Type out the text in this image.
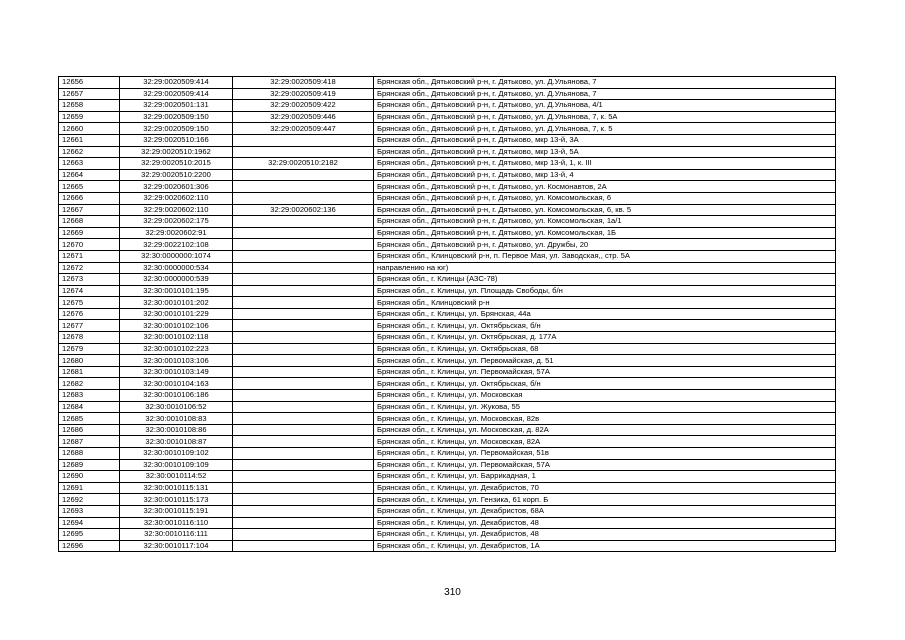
12656	32:29:0020509:414	32:29:0020509:418	Брянская обл., Дятьковский р-н, г. Дятьково, ул. Д.Ульянова, 7
12657	32:29:0020509:414	32:29:0020509:419	Брянская обл., Дятьковский р-н, г. Дятьково, ул. Д.Ульянова, 7
12658	32:29:0020501:131	32:29:0020509:422	Брянская обл., Дятьковский р-н, г. Дятьково, ул. Д.Ульянова, 4/1
12659	32:29:0020509:150	32:29:0020509:446	Брянская обл., Дятьковский р-н, г. Дятьково, ул. Д.Ульянова, 7, к. 5А
12660	32:29:0020509:150	32:29:0020509:447	Брянская обл., Дятьковский р-н, г. Дятьково, ул. Д.Ульянова, 7, к. 5
12661	32:29:0020510:166		Брянская обл., Дятьковский р-н, г. Дятьково, мкр 13-й, 3А
12662	32:29:0020510:1962		Брянская обл., Дятьковский р-н, г. Дятьково, мкр 13-й, 5А
12663	32:29:0020510:2015	32:29:0020510:2182	Брянская обл., Дятьковский р-н, г. Дятьково, мкр 13-й, 1, к. III
12664	32:29:0020510:2200		Брянская обл., Дятьковский р-н, г. Дятьково, мкр 13-й, 4
12665	32:29:0020601:306		Брянская обл., Дятьковский р-н, г. Дятьково, ул. Космонавтов, 2А
12666	32:29:0020602:110		Брянская обл., Дятьковский р-н, г. Дятьково, ул. Комсомольская, 6
12667	32:29:0020602:110	32:29:0020602:136	Брянская обл., Дятьковский р-н, г. Дятьково, ул. Комсомольская, 6, кв. 5
12668	32:29:0020602:175		Брянская обл., Дятьковский р-н, г. Дятьково, ул. Комсомольская, 1а/1
12669	32:29:0020602:91		Брянская обл., Дятьковский р-н, г. Дятьково, ул. Комсомольская, 1Б
12670	32:29:0022102:108		Брянская обл., Дятьковский р-н, г. Дятьково, ул. Дружбы, 20
12671	32:30:0000000:1074		Брянская обл., Клинцовский р-н, п. Первое Мая, ул. Заводская,, стр. 5А
12672	32:30:0000000:534		направлению на юг)
12673	32:30:0000000:539		Брянская обл., г. Клинцы (АЗС-78)
12674	32:30:0010101:195		Брянская обл., г. Клинцы, ул. Площадь Свободы, б/н
12675	32:30:0010101:202		Брянская обл., Клинцовский р-н
12676	32:30:0010101:229		Брянская обл., г. Клинцы, ул. Брянская, 44а
12677	32:30:0010102:106		Брянская обл., г. Клинцы, ул. Октябрьская, б/н
12678	32:30:0010102:118		Брянская обл., г. Клинцы, ул. Октябрьская, д. 177А
12679	32:30:0010102:223		Брянская обл., г. Клинцы, ул. Октябрьская, 68
12680	32:30:0010103:106		Брянская обл., г. Клинцы, ул. Первомайская, д. 51
12681	32:30:0010103:149		Брянская обл., г. Клинцы, ул. Первомайская, 57А
12682	32:30:0010104:163		Брянская обл., г. Клинцы, ул. Октябрьская, б/н
12683	32:30:0010106:186		Брянская обл., г. Клинцы, ул. Московская
12684	32:30:0010106:52		Брянская обл., г. Клинцы, ул. Жукова, 55
12685	32:30:0010108:83		Брянская обл., г. Клинцы, ул. Московская, 82в
12686	32:30:0010108:86		Брянская обл., г. Клинцы, ул. Московская, д. 82А
12687	32:30:0010108:87		Брянская обл., г. Клинцы, ул. Московская, 82А
12688	32:30:0010109:102		Брянская обл., г. Клинцы, ул. Первомайская, 51в
12689	32:30:0010109:109		Брянская обл., г. Клинцы, ул. Первомайская, 57А
12690	32:30:0010114:52		Брянская обл., г. Клинцы, ул. Баррикадная, 1
12691	32:30:0010115:131		Брянская обл., г. Клинцы, ул. Декабристов, 70
12692	32:30:0010115:173		Брянская обл., г. Клинцы, ул. Гензика, 61 корп. Б
12693	32:30:0010115:191		Брянская обл., г. Клинцы, ул. Декабристов, 68А
12694	32:30:0010116:110		Брянская обл., г. Клинцы, ул. Декабристов, 48
12695	32:30:0010116:111		Брянская обл., г. Клинцы, ул. Декабристов, 48
12696	32:30:0010117:104		Брянская обл., г. Клинцы, ул. Декабристов, 1А
310
